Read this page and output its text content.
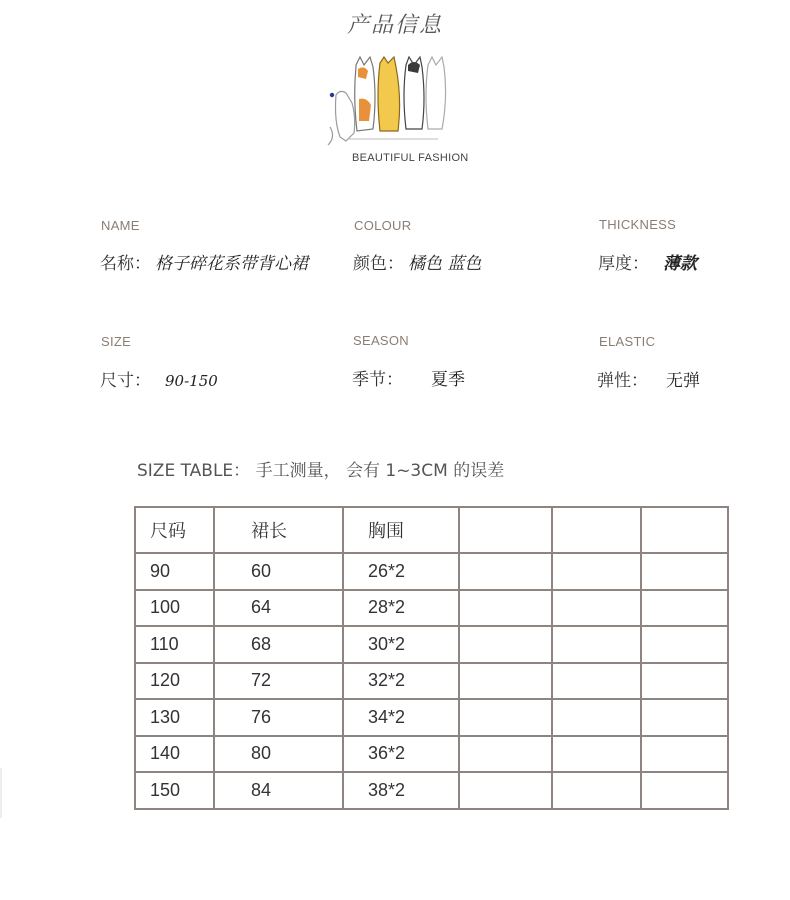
产品信息
BEAUTIFUL FASHION
NAME	COLOUR	THICKNESS
名称： 格子碎花系带背心裙	颜色： 橘色 蓝色	厚度： 薄款
SIZE	SEASON	ELASTIC
尺寸： 90-150	季节： 夏季	弹性： 无弹
SIZE TABLE： 手工测量， 会有 1~3CM 的误差
尺码	裙长	胸围			
90	60	26*2			
100	64	28*2			
110	68	30*2			
120	72	32*2			
130	76	34*2			
140	80	36*2			
150	84	38*2			
